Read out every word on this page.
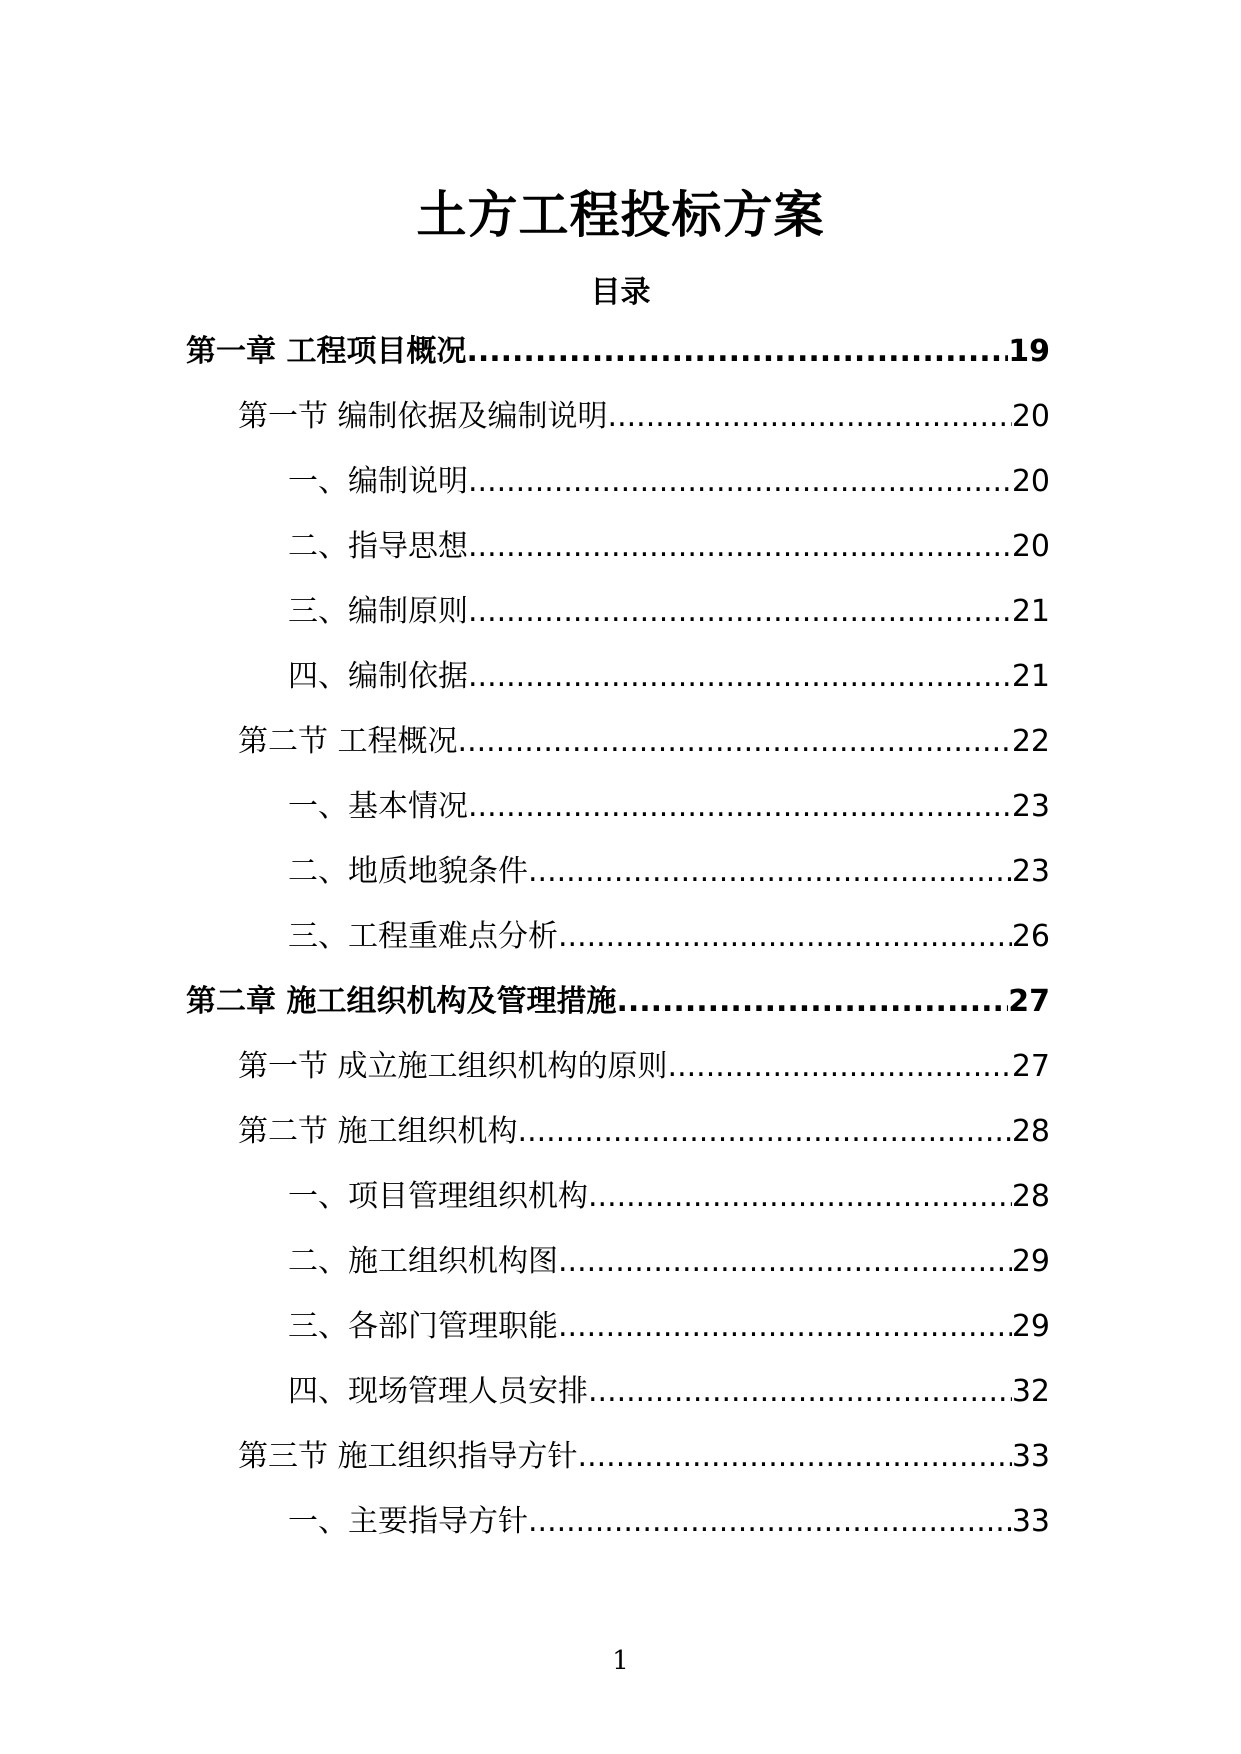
土方工程投标方案
目录
第一章 工程项目概况 .....	19
第一节 编制依据及编制说明 .....	20
一、编制说明 .....	20
二、指导思想 .....	20
三、编制原则 .....	21
四、编制依据 .....	21
第二节 工程概况 .....	22
一、基本情况 .....	23
二、地质地貌条件 .....	23
三、工程重难点分析 .....	26
第二章 施工组织机构及管理措施 .....	27
第一节 成立施工组织机构的原则 .....	27
第二节 施工组织机构 .....	28
一、项目管理组织机构 .....	28
二、施工组织机构图 .....	29
三、各部门管理职能 .....	29
四、现场管理人员安排 .....	32
第三节 施工组织指导方针 .....	33
一、主要指导方针 .....	33
1
